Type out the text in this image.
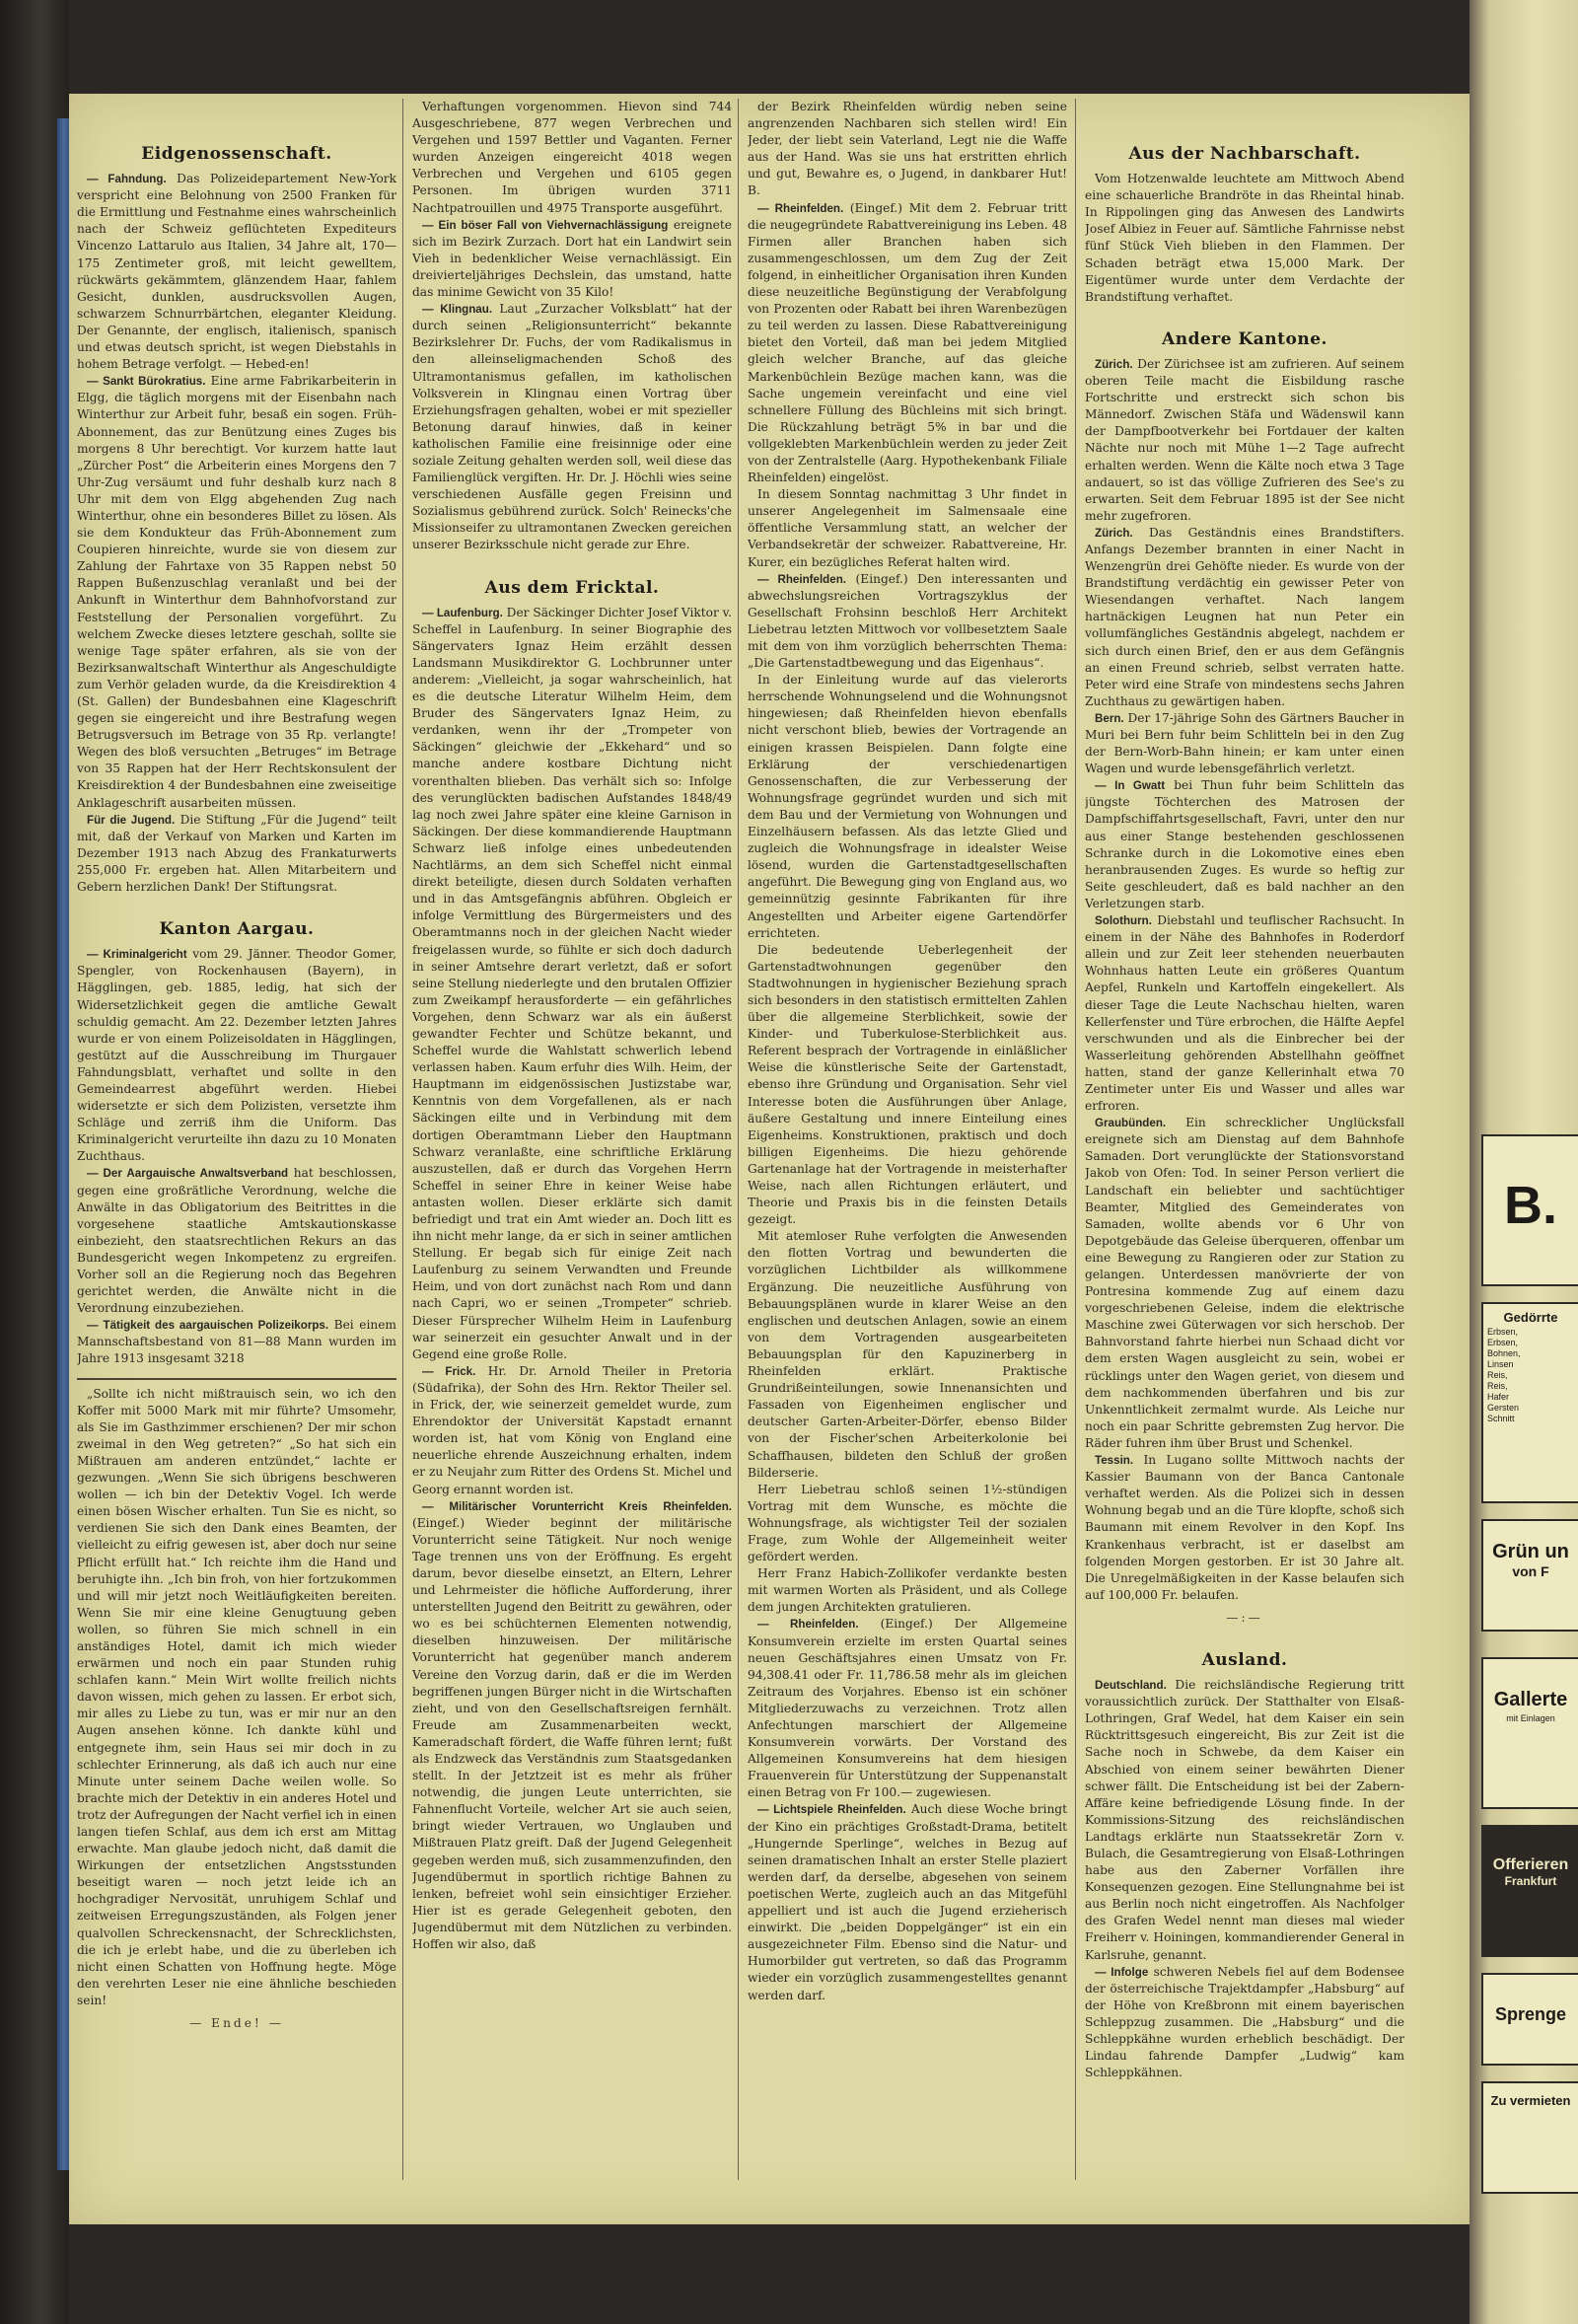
Eidgenossenschaft.

— Fahndung. Das Polizeidepartement New-York verspricht eine Belohnung von 2500 Franken für die Ermittlung und Festnahme eines wahrscheinlich nach der Schweiz geflüchteten Expediteurs Vincenzo Lattarulo aus Italien, 34 Jahre alt, 170—175 Zentimeter groß, mit leicht gewelltem, rückwärts gekämmtem, glänzendem Haar, fahlem Gesicht, dunklen, ausdrucksvollen Augen, schwarzem Schnurrbärtchen, eleganter Kleidung. Der Genannte, der englisch, italienisch, spanisch und etwas deutsch spricht, ist wegen Diebstahls in hohem Betrage verfolgt. — Hebed-en!

— Sankt Bürokratius. Eine arme Fabrikarbeiterin in Elgg, die täglich morgens mit der Eisenbahn nach Winterthur zur Arbeit fuhr, besaß ein sogen. Früh-Abonnement, das zur Benützung eines Zuges bis morgens 8 Uhr berechtigt. Vor kurzem hatte laut „Zürcher Post“ die Arbeiterin eines Morgens den 7 Uhr-Zug versäumt und fuhr deshalb kurz nach 8 Uhr mit dem von Elgg abgehenden Zug nach Winterthur, ohne ein besonderes Billet zu lösen. Als sie dem Kondukteur das Früh-Abonnement zum Coupieren hinreichte, wurde sie von diesem zur Zahlung der Fahrtaxe von 35 Rappen nebst 50 Rappen Bußenzuschlag veranlaßt und bei der Ankunft in Winterthur dem Bahnhofvorstand zur Feststellung der Personalien vorgeführt. Zu welchem Zwecke dieses letztere geschah, sollte sie wenige Tage später erfahren, als sie von der Bezirksanwaltschaft Winterthur als Angeschuldigte zum Verhör geladen wurde, da die Kreisdirektion 4 (St. Gallen) der Bundesbahnen eine Klageschrift gegen sie eingereicht und ihre Bestrafung wegen Betrugsversuch im Betrage von 35 Rp. verlangte! Wegen des bloß versuchten „Betruges“ im Betrage von 35 Rappen hat der Herr Rechtskonsulent der Kreisdirektion 4 der Bundesbahnen eine zweiseitige Anklageschrift ausarbeiten müssen.

Für die Jugend. Die Stiftung „Für die Jugend“ teilt mit, daß der Verkauf von Marken und Karten im Dezember 1913 nach Abzug des Frankaturwerts 255,000 Fr. ergeben hat. Allen Mitarbeitern und Gebern herzlichen Dank! Der Stiftungsrat.

Kanton Aargau.

— Kriminalgericht vom 29. Jänner. Theodor Gomer, Spengler, von Rockenhausen (Bayern), in Hägglingen, geb. 1885, ledig, hat sich der Widersetzlichkeit gegen die amtliche Gewalt schuldig gemacht. Am 22. Dezember letzten Jahres wurde er von einem Polizeisoldaten in Hägglingen, gestützt auf die Ausschreibung im Thurgauer Fahndungsblatt, verhaftet und sollte in den Gemeindearrest abgeführt werden. Hiebei widersetzte er sich dem Polizisten, versetzte ihm Schläge und zerriß ihm die Uniform. Das Kriminalgericht verurteilte ihn dazu zu 10 Monaten Zuchthaus.

— Der Aargauische Anwaltsverband hat beschlossen, gegen eine großrätliche Verordnung, welche die Anwälte in das Obligatorium des Beitrittes in die vorgesehene staatliche Amtskautionskasse einbezieht, den staatsrechtlichen Rekurs an das Bundesgericht wegen Inkompetenz zu ergreifen. Vorher soll an die Regierung noch das Begehren gerichtet werden, die Anwälte nicht in die Verordnung einzubeziehen.

— Tätigkeit des aargauischen Polizeikorps. Bei einem Mannschaftsbestand von 81—88 Mann wurden im Jahre 1913 insgesamt 3218

„Sollte ich nicht mißtrauisch sein, wo ich den Koffer mit 5000 Mark mit mir führte? Umsomehr, als Sie im Gasthzimmer erschienen? Der mir schon zweimal in den Weg getreten?“ „So hat sich ein Mißtrauen am anderen entzündet,“ lachte er gezwungen. „Wenn Sie sich übrigens beschweren wollen — ich bin der Detektiv Vogel. Ich werde einen bösen Wischer erhalten. Tun Sie es nicht, so verdienen Sie sich den Dank eines Beamten, der vielleicht zu eifrig gewesen ist, aber doch nur seine Pflicht erfüllt hat.“ Ich reichte ihm die Hand und beruhigte ihn. „Ich bin froh, von hier fortzukommen und will mir jetzt noch Weitläufigkeiten bereiten. Wenn Sie mir eine kleine Genugtuung geben wollen, so führen Sie mich schnell in ein anständiges Hotel, damit ich mich wieder erwärmen und noch ein paar Stunden ruhig schlafen kann.“ Mein Wirt wollte freilich nichts davon wissen, mich gehen zu lassen. Er erbot sich, mir alles zu Liebe zu tun, was er mir nur an den Augen ansehen könne. Ich dankte kühl und entgegnete ihm, sein Haus sei mir doch in zu schlechter Erinnerung, als daß ich auch nur eine Minute unter seinem Dache weilen wolle. So brachte mich der Detektiv in ein anderes Hotel und trotz der Aufregungen der Nacht verfiel ich in einen langen tiefen Schlaf, aus dem ich erst am Mittag erwachte. Man glaube jedoch nicht, daß damit die Wirkungen der entsetzlichen Angstsstunden beseitigt waren — noch jetzt leide ich an hochgradiger Nervosität, unruhigem Schlaf und zeitweisen Erregungszuständen, als Folgen jener qualvollen Schreckensnacht, der Schrecklichsten, die ich je erlebt habe, und die zu überleben ich nicht einen Schatten von Hoffnung hegte. Möge den verehrten Leser nie eine ähnliche beschieden sein!

— Ende! —

Verhaftungen vorgenommen. Hievon sind 744 Ausgeschriebene, 877 wegen Verbrechen und Vergehen und 1597 Bettler und Vaganten. Ferner wurden Anzeigen eingereicht 4018 wegen Verbrechen und Vergehen und 6105 gegen Personen. Im übrigen wurden 3711 Nachtpatrouillen und 4975 Transporte ausgeführt.

— Ein böser Fall von Viehvernachlässigung ereignete sich im Bezirk Zurzach. Dort hat ein Landwirt sein Vieh in bedenklicher Weise vernachlässigt. Ein dreivierteljähriges Dechslein, das umstand, hatte das minime Gewicht von 35 Kilo!

— Klingnau. Laut „Zurzacher Volksblatt“ hat der durch seinen „Religionsunterricht“ bekannte Bezirkslehrer Dr. Fuchs, der vom Radikalismus in den alleinseligmachenden Schoß des Ultramontanismus gefallen, im katholischen Volksverein in Klingnau einen Vortrag über Erziehungsfragen gehalten, wobei er mit spezieller Betonung darauf hinwies, daß in keiner katholischen Familie eine freisinnige oder eine soziale Zeitung gehalten werden soll, weil diese das Familienglück vergiften. Hr. Dr. J. Höchli wies seine verschiedenen Ausfälle gegen Freisinn und Sozialismus gebührend zurück. Solch' Reinecks'che Missionseifer zu ultramontanen Zwecken gereichen unserer Bezirksschule nicht gerade zur Ehre.

Aus dem Fricktal.

— Laufenburg. Der Säckinger Dichter Josef Viktor v. Scheffel in Laufenburg. In seiner Biographie des Sängervaters Ignaz Heim erzählt dessen Landsmann Musikdirektor G. Lochbrunner unter anderem: „Vielleicht, ja sogar wahrscheinlich, hat es die deutsche Literatur Wilhelm Heim, dem Bruder des Sängervaters Ignaz Heim, zu verdanken, wenn ihr der „Trompeter von Säckingen“ gleichwie der „Ekkehard“ und so manche andere kostbare Dichtung nicht vorenthalten blieben. Das verhält sich so: Infolge des verunglückten badischen Aufstandes 1848/49 lag noch zwei Jahre später eine kleine Garnison in Säckingen. Der diese kommandierende Hauptmann Schwarz ließ infolge eines unbedeutenden Nachtlärms, an dem sich Scheffel nicht einmal direkt beteiligte, diesen durch Soldaten verhaften und in das Amtsgefängnis abführen. Obgleich er infolge Vermittlung des Bürgermeisters und des Oberamtmanns noch in der gleichen Nacht wieder freigelassen wurde, so fühlte er sich doch dadurch in seiner Amtsehre derart verletzt, daß er sofort seine Stellung niederlegte und den brutalen Offizier zum Zweikampf herausforderte — ein gefährliches Vorgehen, denn Schwarz war als ein äußerst gewandter Fechter und Schütze bekannt, und Scheffel wurde die Wahlstatt schwerlich lebend verlassen haben. Kaum erfuhr dies Wilh. Heim, der Hauptmann im eidgenössischen Justizstabe war, Kenntnis von dem Vorgefallenen, als er nach Säckingen eilte und in Verbindung mit dem dortigen Oberamtmann Lieber den Hauptmann Schwarz veranlaßte, eine schriftliche Erklärung auszustellen, daß er durch das Vorgehen Herrn Scheffel in seiner Ehre in keiner Weise habe antasten wollen. Dieser erklärte sich damit befriedigt und trat ein Amt wieder an. Doch litt es ihn nicht mehr lange, da er sich in seiner amtlichen Stellung. Er begab sich für einige Zeit nach Laufenburg zu seinem Verwandten und Freunde Heim, und von dort zunächst nach Rom und dann nach Capri, wo er seinen „Trompeter“ schrieb. Dieser Fürsprecher Wilhelm Heim in Laufenburg war seinerzeit ein gesuchter Anwalt und in der Gegend eine große Rolle.

— Frick. Hr. Dr. Arnold Theiler in Pretoria (Südafrika), der Sohn des Hrn. Rektor Theiler sel. in Frick, der, wie seinerzeit gemeldet wurde, zum Ehrendoktor der Universität Kapstadt ernannt worden ist, hat vom König von England eine neuerliche ehrende Auszeichnung erhalten, indem er zu Neujahr zum Ritter des Ordens St. Michel und Georg ernannt worden ist.

— Militärischer Vorunterricht Kreis Rheinfelden. (Eingef.) Wieder beginnt der militärische Vorunterricht seine Tätigkeit. Nur noch wenige Tage trennen uns von der Eröffnung. Es ergeht darum, bevor dieselbe einsetzt, an Eltern, Lehrer und Lehrmeister die höfliche Aufforderung, ihrer unterstellten Jugend den Beitritt zu gewähren, oder wo es bei schüchternen Elementen notwendig, dieselben hinzuweisen. Der militärische Vorunterricht hat gegenüber manch anderem Vereine den Vorzug darin, daß er die im Werden begriffenen jungen Bürger nicht in die Wirtschaften zieht, und von den Gesellschaftsreigen fernhält. Freude am Zusammenarbeiten weckt, Kameradschaft fördert, die Waffe führen lernt; fußt als Endzweck das Verständnis zum Staatsgedanken stellt. In der Jetztzeit ist es mehr als früher notwendig, die jungen Leute unterrichten, sie Fahnenflucht Vorteile, welcher Art sie auch seien, bringt wieder Vertrauen, wo Unglauben und Mißtrauen Platz greift. Daß der Jugend Gelegenheit gegeben werden muß, sich zusammenzufinden, den Jugendübermut in sportlich richtige Bahnen zu lenken, befreiet wohl sein einsichtiger Erzieher. Hier ist es gerade Gelegenheit geboten, den Jugendübermut mit dem Nützlichen zu verbinden. Hoffen wir also, daß

der Bezirk Rheinfelden würdig neben seine angrenzenden Nachbaren sich stellen wird! Ein Jeder, der liebt sein Vaterland, Legt nie die Waffe aus der Hand. Was sie uns hat erstritten ehrlich und gut, Bewahre es, o Jugend, in dankbarer Hut! B.

— Rheinfelden. (Eingef.) Mit dem 2. Februar tritt die neugegründete Rabattvereinigung ins Leben. 48 Firmen aller Branchen haben sich zusammengeschlossen, um dem Zug der Zeit folgend, in einheitlicher Organisation ihren Kunden diese neuzeitliche Begünstigung der Verabfolgung von Prozenten oder Rabatt bei ihren Warenbezügen zu teil werden zu lassen. Diese Rabattvereinigung bietet den Vorteil, daß man bei jedem Mitglied gleich welcher Branche, auf das gleiche Markenbüchlein Bezüge machen kann, was die Sache ungemein vereinfacht und eine viel schnellere Füllung des Büchleins mit sich bringt. Die Rückzahlung beträgt 5% in bar und die vollgeklebten Markenbüchlein werden zu jeder Zeit von der Zentralstelle (Aarg. Hypothekenbank Filiale Rheinfelden) eingelöst.

In diesem Sonntag nachmittag 3 Uhr findet in unserer Angelegenheit im Salmensaale eine öffentliche Versammlung statt, an welcher der Verbandsekretär der schweizer. Rabattvereine, Hr. Kurer, ein bezügliches Referat halten wird.

— Rheinfelden. (Eingef.) Den interessanten und abwechslungsreichen Vortragszyklus der Gesellschaft Frohsinn beschloß Herr Architekt Liebetrau letzten Mittwoch vor vollbesetztem Saale mit dem von ihm vorzüglich beherrschten Thema: „Die Gartenstadtbewegung und das Eigenhaus“.

In der Einleitung wurde auf das vielerorts herrschende Wohnungselend und die Wohnungsnot hingewiesen; daß Rheinfelden hievon ebenfalls nicht verschont blieb, bewies der Vortragende an einigen krassen Beispielen. Dann folgte eine Erklärung der verschiedenartigen Genossenschaften, die zur Verbesserung der Wohnungsfrage gegründet wurden und sich mit dem Bau und der Vermietung von Wohnungen und Einzelhäusern befassen. Als das letzte Glied und zugleich die Wohnungsfrage in idealster Weise lösend, wurden die Gartenstadtgesellschaften angeführt. Die Bewegung ging von England aus, wo gemeinnützig gesinnte Fabrikanten für ihre Angestellten und Arbeiter eigene Gartendörfer errichteten.

Die bedeutende Ueberlegenheit der Gartenstadtwohnungen gegenüber den Stadtwohnungen in hygienischer Beziehung sprach sich besonders in den statistisch ermittelten Zahlen über die allgemeine Sterblichkeit, sowie der Kinder- und Tuberkulose-Sterblichkeit aus. Referent besprach der Vortragende in einläßlicher Weise die künstlerische Seite der Gartenstadt, ebenso ihre Gründung und Organisation. Sehr viel Interesse boten die Ausführungen über Anlage, äußere Gestaltung und innere Einteilung eines Eigenheims. Konstruktionen, praktisch und doch billigen Eigenheims. Die hiezu gehörende Gartenanlage hat der Vortragende in meisterhafter Weise, nach allen Richtungen erläutert, und Theorie und Praxis bis in die feinsten Details gezeigt.

Mit atemloser Ruhe verfolgten die Anwesenden den flotten Vortrag und bewunderten die vorzüglichen Lichtbilder als willkommene Ergänzung. Die neuzeitliche Ausführung von Bebauungsplänen wurde in klarer Weise an den englischen und deutschen Anlagen, sowie an einem von dem Vortragenden ausgearbeiteten Bebauungsplan für den Kapuzinerberg in Rheinfelden erklärt. Praktische Grundrißeinteilungen, sowie Innenansichten und Fassaden von Eigenheimen englischer und deutscher Garten-Arbeiter-Dörfer, ebenso Bilder von der Fischer'schen Arbeiterkolonie bei Schaffhausen, bildeten den Schluß der großen Bilderserie.

Herr Liebetrau schloß seinen 1½-stündigen Vortrag mit dem Wunsche, es möchte die Wohnungsfrage, als wichtigster Teil der sozialen Frage, zum Wohle der Allgemeinheit weiter gefördert werden.

Herr Franz Habich-Zollikofer verdankte besten mit warmen Worten als Präsident, und als College dem jungen Architekten gratulieren.

— Rheinfelden. (Eingef.) Der Allgemeine Konsumverein erzielte im ersten Quartal seines neuen Geschäftsjahres einen Umsatz von Fr. 94,308.41 oder Fr. 11,786.58 mehr als im gleichen Zeitraum des Vorjahres. Ebenso ist ein schöner Mitgliederzuwachs zu verzeichnen. Trotz allen Anfechtungen marschiert der Allgemeine Konsumverein vorwärts. Der Vorstand des Allgemeinen Konsumvereins hat dem hiesigen Frauenverein für Unterstützung der Suppenanstalt einen Betrag von Fr 100.— zugewiesen.

— Lichtspiele Rheinfelden. Auch diese Woche bringt der Kino ein prächtiges Großstadt-Drama, betitelt „Hungernde Sperlinge“, welches in Bezug auf seinen dramatischen Inhalt an erster Stelle plaziert werden darf, da derselbe, abgesehen von seinem poetischen Werte, zugleich auch an das Mitgefühl appelliert und ist auch die Jugend erzieherisch einwirkt. Die „beiden Doppelgänger“ ist ein ein ausgezeichneter Film. Ebenso sind die Natur- und Humorbilder gut vertreten, so daß das Programm wieder ein vorzüglich zusammengestelltes genannt werden darf.

Aus der Nachbarschaft.

Vom Hotzenwalde leuchtete am Mittwoch Abend eine schauerliche Brandröte in das Rheintal hinab. In Rippolingen ging das Anwesen des Landwirts Josef Albiez in Feuer auf. Sämtliche Fahrnisse nebst fünf Stück Vieh blieben in den Flammen. Der Schaden beträgt etwa 15,000 Mark. Der Eigentümer wurde unter dem Verdachte der Brandstiftung verhaftet.

Andere Kantone.

Zürich. Der Zürichsee ist am zufrieren. Auf seinem oberen Teile macht die Eisbildung rasche Fortschritte und erstreckt sich schon bis Männedorf. Zwischen Stäfa und Wädenswil kann der Dampfbootverkehr bei Fortdauer der kalten Nächte nur noch mit Mühe 1—2 Tage aufrecht erhalten werden. Wenn die Kälte noch etwa 3 Tage andauert, so ist das völlige Zufrieren des See's zu erwarten. Seit dem Februar 1895 ist der See nicht mehr zugefroren.

Zürich. Das Geständnis eines Brandstifters. Anfangs Dezember brannten in einer Nacht in Wenzengrün drei Gehöfte nieder. Es wurde von der Brandstiftung verdächtig ein gewisser Peter von Wiesendangen verhaftet. Nach langem hartnäckigen Leugnen hat nun Peter ein vollumfängliches Geständnis abgelegt, nachdem er sich durch einen Brief, den er aus dem Gefängnis an einen Freund schrieb, selbst verraten hatte. Peter wird eine Strafe von mindestens sechs Jahren Zuchthaus zu gewärtigen haben.

Bern. Der 17-jährige Sohn des Gärtners Baucher in Muri bei Bern fuhr beim Schlitteln bei in den Zug der Bern-Worb-Bahn hinein; er kam unter einen Wagen und wurde lebensgefährlich verletzt.

— In Gwatt bei Thun fuhr beim Schlitteln das jüngste Töchterchen des Matrosen der Dampfschiffahrtsgesellschaft, Favri, unter den nur aus einer Stange bestehenden geschlossenen Schranke durch in die Lokomotive eines eben heranbrausenden Zuges. Es wurde so heftig zur Seite geschleudert, daß es bald nachher an den Verletzungen starb.

Solothurn. Diebstahl und teuflischer Rachsucht. In einem in der Nähe des Bahnhofes in Roderdorf allein und zur Zeit leer stehenden neuerbauten Wohnhaus hatten Leute ein größeres Quantum Aepfel, Runkeln und Kartoffeln eingekellert. Als dieser Tage die Leute Nachschau hielten, waren Kellerfenster und Türe erbrochen, die Hälfte Aepfel verschwunden und als die Einbrecher bei der Wasserleitung gehörenden Abstellhahn geöffnet hatten, stand der ganze Kellerinhalt etwa 70 Zentimeter unter Eis und Wasser und alles war erfroren.

Graubünden. Ein schrecklicher Unglücksfall ereignete sich am Dienstag auf dem Bahnhofe Samaden. Dort verunglückte der Stationsvorstand Jakob von Ofen: Tod. In seiner Person verliert die Landschaft ein beliebter und sachtüchtiger Beamter, Mitglied des Gemeinderates von Samaden, wollte abends vor 6 Uhr von Depotgebäude das Geleise überqueren, offenbar um eine Bewegung zu Rangieren oder zur Station zu gelangen. Unterdessen manövrierte der von Pontresina kommende Zug auf einem dazu vorgeschriebenen Geleise, indem die elektrische Maschine zwei Güterwagen vor sich herschob. Der Bahnvorstand fahrte hierbei nun Schaad dicht vor dem ersten Wagen ausgleicht zu sein, wobei er rücklings unter den Wagen geriet, von diesem und dem nachkommenden überfahren und bis zur Unkenntlichkeit zermalmt wurde. Als Leiche nur noch ein paar Schritte gebremsten Zug hervor. Die Räder fuhren ihm über Brust und Schenkel.

Tessin. In Lugano sollte Mittwoch nachts der Kassier Baumann von der Banca Cantonale verhaftet werden. Als die Polizei sich in dessen Wohnung begab und an die Türe klopfte, schoß sich Baumann mit einem Revolver in den Kopf. Ins Krankenhaus verbracht, ist er daselbst am folgenden Morgen gestorben. Er ist 30 Jahre alt. Die Unregelmäßigkeiten in der Kasse belaufen sich auf 100,000 Fr. belaufen.

—:—
Ausland.

Deutschland. Die reichsländische Regierung tritt voraussichtlich zurück. Der Statthalter von Elsaß-Lothringen, Graf Wedel, hat dem Kaiser ein sein Rücktrittsgesuch eingereicht, Bis zur Zeit ist die Sache noch in Schwebe, da dem Kaiser ein Abschied von einem seiner bewährten Diener schwer fällt. Die Entscheidung ist bei der Zabern-Affäre keine befriedigende Lösung finde. In der Kommissions-Sitzung des reichsländischen Landtags erklärte nun Staatssekretär Zorn v. Bulach, die Gesamtregierung von Elsaß-Lothringen habe aus den Zaberner Vorfällen ihre Konsequenzen gezogen. Eine Stellungnahme bei ist aus Berlin noch nicht eingetroffen. Als Nachfolger des Grafen Wedel nennt man dieses mal wieder Freiherr v. Hoiningen, kommandierender General in Karlsruhe, genannt.

— Infolge schweren Nebels fiel auf dem Bodensee der österreichische Trajektdampfer „Habsburg“ auf der Höhe von Kreßbronn mit einem bayerischen Schleppzug zusammen. Die „Habsburg“ und die Schleppkähne wurden erheblich beschädigt. Der Lindau fahrende Dampfer „Ludwig“ kam Schleppkähnen.

B.
Gedörrte
Erbsen,
Erbsen,
Bohnen,
Linsen
Reis,
Reis,
Hafer
Gersten
Schnitt
Grün un
von F
Gallerte
mit Einlagen
Offerieren
Frankfurt
Sprenge
Zu vermieten
